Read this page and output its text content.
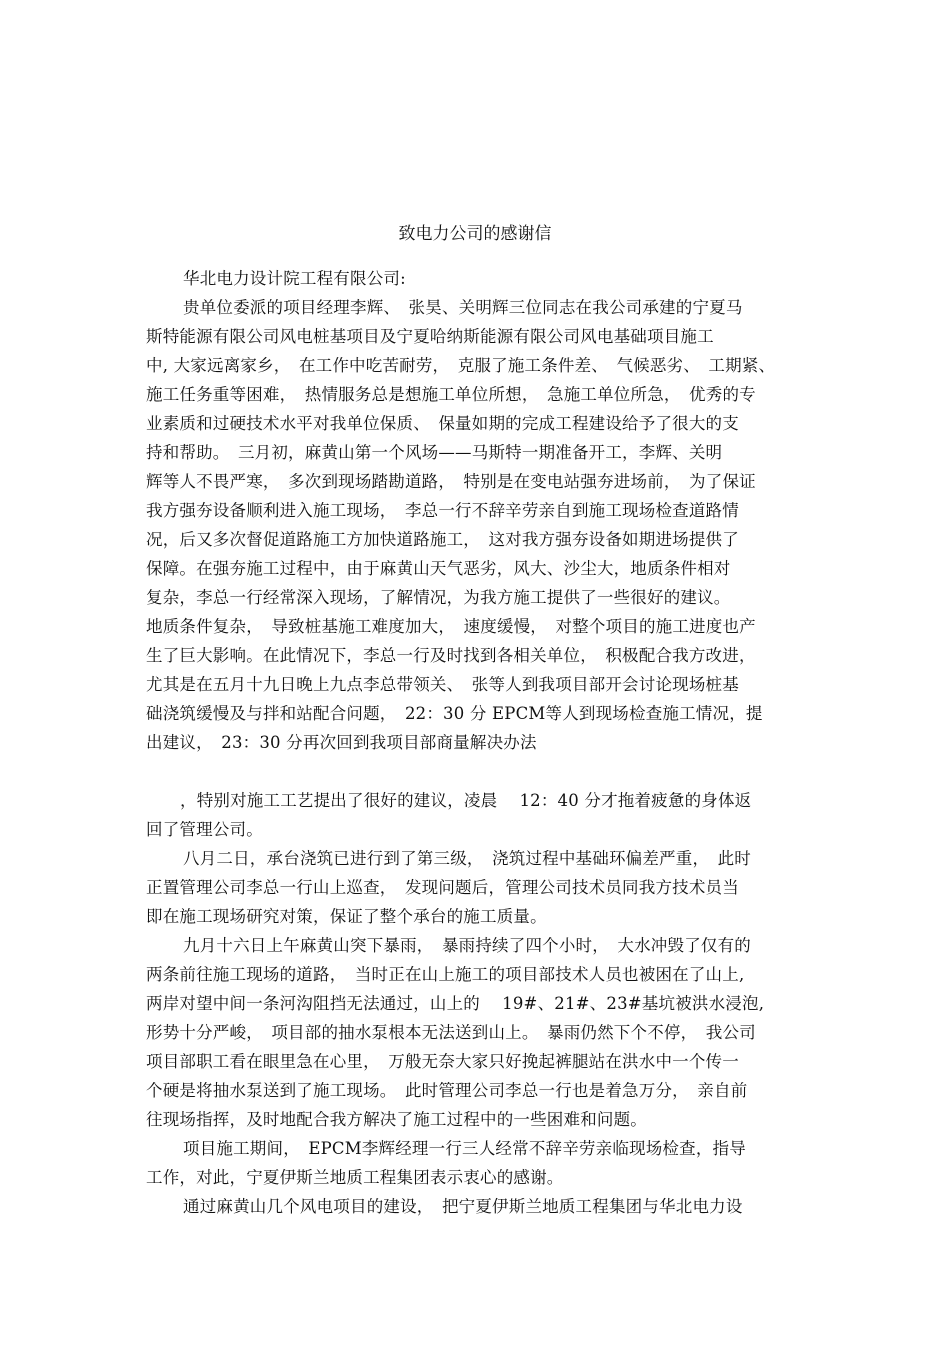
致电力公司的感谢信
华北电力设计院工程有限公司:
贵单位委派的项目经理李辉、　张昊、关明辉三位同志在我公司承建的宁夏马
斯特能源有限公司风电桩基项目及宁夏哈纳斯能源有限公司风电基础项目施工
中, 大家远离家乡，　在工作中吃苦耐劳，　克服了施工条件差、　气候恶劣、　工期紧、
施工任务重等困难，　热情服务总是想施工单位所想，　急施工单位所急，　优秀的专
业素质和过硬技术水平对我单位保质、　保量如期的完成工程建设给予了很大的支
持和帮助。　三月初，麻黄山第一个风场——马斯特一期准备开工，李辉、关明
辉等人不畏严寒，　多次到现场踏勘道路，　特别是在变电站强夯进场前，　为了保证
我方强夯设备顺利进入施工现场，　李总一行不辞辛劳亲自到施工现场检查道路情
况，后又多次督促道路施工方加快道路施工，　这对我方强夯设备如期进场提供了
保障。在强夯施工过程中，由于麻黄山天气恶劣，风大、沙尘大，地质条件相对
复杂，李总一行经常深入现场，了解情况，为我方施工提供了一些很好的建议。
地质条件复杂，　导致桩基施工难度加大，　速度缓慢，　对整个项目的施工进度也产
生了巨大影响。在此情况下，李总一行及时找到各相关单位，　积极配合我方改进，
尤其是在五月十九日晚上九点李总带领关、　张等人到我项目部开会讨论现场桩基
础浇筑缓慢及与拌和站配合问题，　22：30 分 EPCM等人到现场检查施工情况，提
出建议，　23：30 分再次回到我项目部商量解决办法
，特别对施工工艺提出了很好的建议，凌晨　 12：40 分才拖着疲惫的身体返
回了管理公司。
八月二日，承台浇筑已进行到了第三级，　浇筑过程中基础环偏差严重，　此时
正置管理公司李总一行山上巡查，　发现问题后，管理公司技术员同我方技术员当
即在施工现场研究对策，保证了整个承台的施工质量。
九月十六日上午麻黄山突下暴雨，　暴雨持续了四个小时，　大水冲毁了仅有的
两条前往施工现场的道路，　当时正在山上施工的项目部技术人员也被困在了山上,
两岸对望中间一条河沟阻挡无法通过，山上的　 19#、21#、23#基坑被洪水浸泡,
形势十分严峻，　项目部的抽水泵根本无法送到山上。　暴雨仍然下个不停，　我公司
项目部职工看在眼里急在心里，　万般无奈大家只好挽起裤腿站在洪水中一个传一
个硬是将抽水泵送到了施工现场。　此时管理公司李总一行也是着急万分，　亲自前
往现场指挥，及时地配合我方解决了施工过程中的一些困难和问题。
项目施工期间，　EPCM李辉经理一行三人经常不辞辛劳亲临现场检查，指导
工作，对此，宁夏伊斯兰地质工程集团表示衷心的感谢。
通过麻黄山几个风电项目的建设，　把宁夏伊斯兰地质工程集团与华北电力设
